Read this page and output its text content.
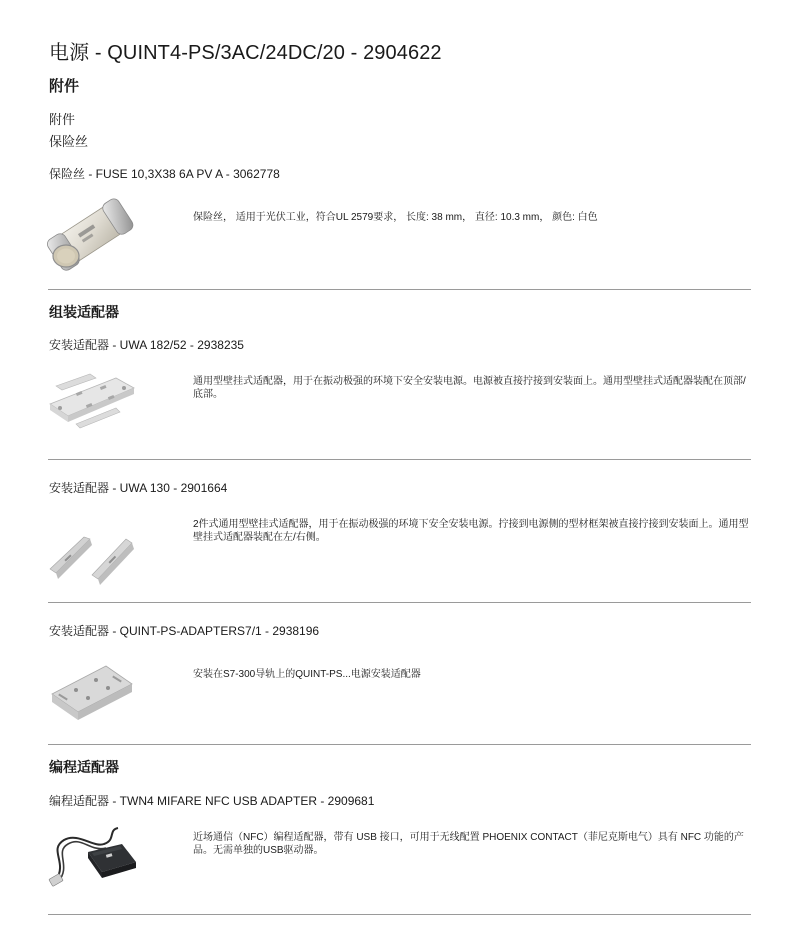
电源 - QUINT4-PS/3AC/24DC/20 - 2904622
附件
附件
保险丝
保险丝 - FUSE 10,3X38 6A PV A - 3062778

保险丝， 适用于光伏工业，符合UL 2579要求， 长度: 38 mm， 直径: 10.3 mm， 颜色: 白色

组装适配器
安装适配器 - UWA 182/52 - 2938235

通用型壁挂式适配器，用于在振动极强的环境下安全安装电源。电源被直接拧接到安装面上。通用型壁挂式适配器装配在顶部/底部。

安装适配器 - UWA 130 - 2901664

2件式通用型壁挂式适配器，用于在振动极强的环境下安全安装电源。拧接到电源侧的型材框架被直接拧接到安装面上。通用型壁挂式适配器装配在左/右侧。

安装适配器 - QUINT-PS-ADAPTERS7/1 - 2938196

安装在S7-300导轨上的QUINT-PS...电源安装适配器

编程适配器
编程适配器 - TWN4 MIFARE NFC USB ADAPTER - 2909681

近场通信（NFC）编程适配器，带有 USB 接口，可用于无线配置 PHOENIX CONTACT（菲尼克斯电气）具有 NFC 功能的产品。无需单独的USB驱动器。
